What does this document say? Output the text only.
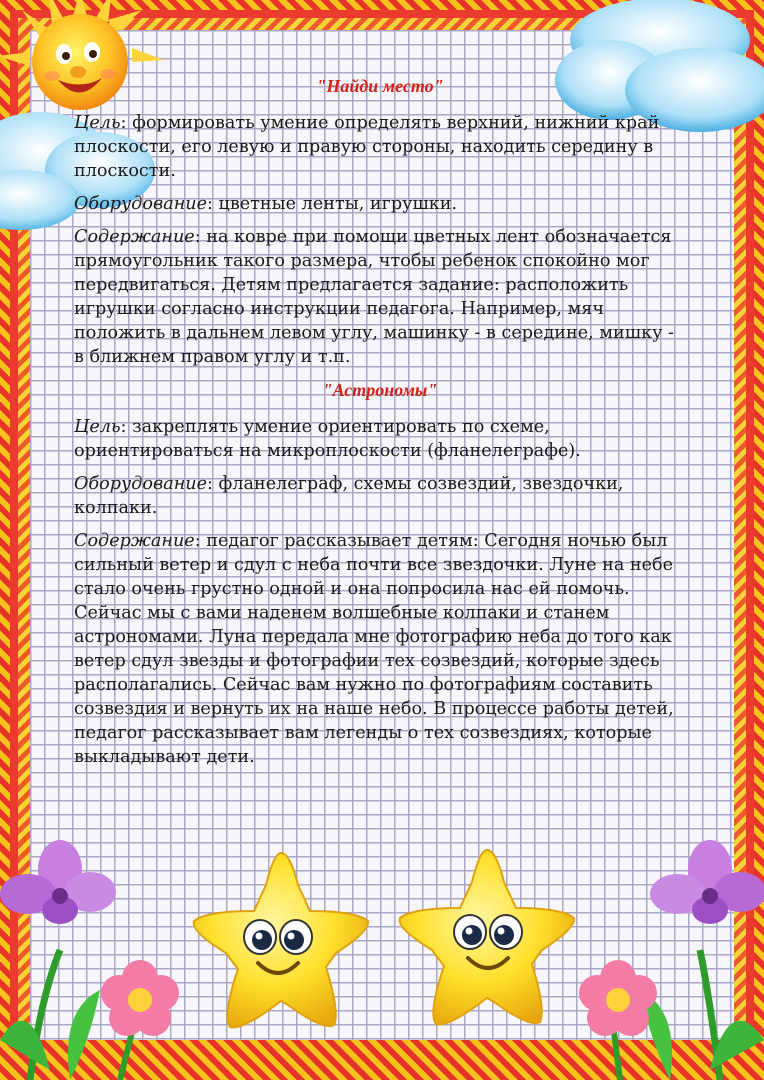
"Найди место"

Цель: формировать умение определять верхний, нижний край плоскости, его левую и правую стороны, находить середину в плоскости.

Оборудование: цветные ленты, игрушки.

Содержание: на ковре при помощи цветных лент обозначается прямоугольник такого размера, чтобы ребенок спокойно мог передвигаться. Детям предлагается задание: расположить игрушки согласно инструкции педагога. Например, мяч положить в дальнем левом углу, машинку - в середине, мишку - в ближнем правом углу и т.п.

"Астрономы"

Цель: закреплять умение ориентировать по схеме, ориентироваться на микроплоскости (фланелеграфе).

Оборудование: фланелеграф, схемы созвездий, звездочки, колпаки.

Содержание: педагог рассказывает детям: Сегодня ночью был сильный ветер и сдул с неба почти все звездочки. Луне на небе стало очень грустно одной и она попросила нас ей помочь. Сейчас мы с вами наденем волшебные колпаки и станем астрономами. Луна передала мне фотографию неба до того как ветер сдул звезды и фотографии тех созвездий, которые здесь располагались. Сейчас вам нужно по фотографиям составить созвездия и вернуть их на наше небо. В процессе работы детей, педагог рассказывает вам легенды о тех созвездиях, которые выкладывают дети.
